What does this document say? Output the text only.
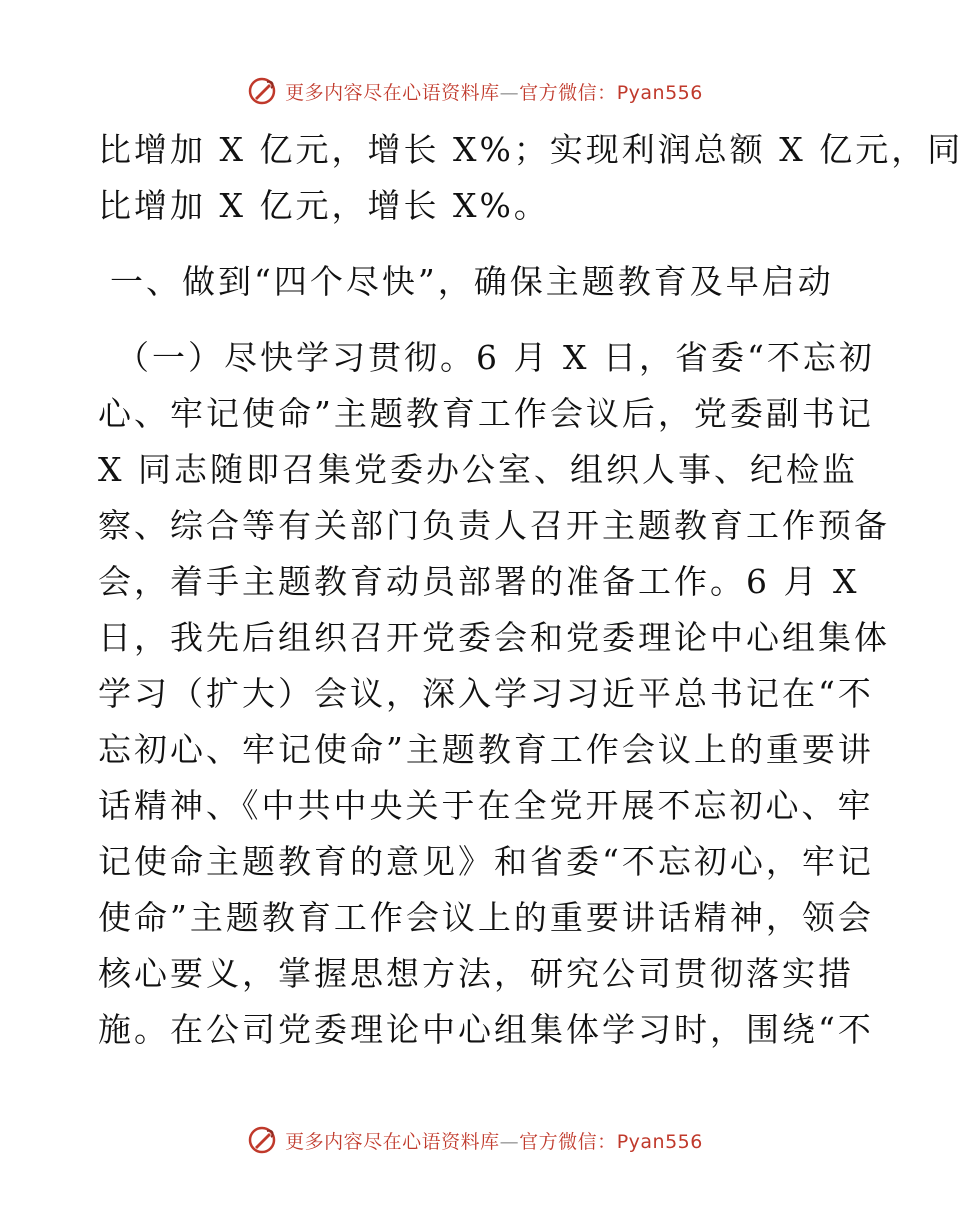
更多内容尽在心语资料库—官方微信：Pyan556
比增加 X 亿元，增长 X%；实现利润总额 X 亿元，同
比增加 X 亿元，增长 X%。
一、做到“四个尽快”，确保主题教育及早启动
（一）尽快学习贯彻。6 月 X 日，省委“不忘初
心、牢记使命”主题教育工作会议后，党委副书记
X 同志随即召集党委办公室、组织人事、纪检监
察、综合等有关部门负责人召开主题教育工作预备
会，着手主题教育动员部署的准备工作。6 月 X
日，我先后组织召开党委会和党委理论中心组集体
学习（扩大）会议，深入学习习近平总书记在“不
忘初心、牢记使命”主题教育工作会议上的重要讲
话精神、《中共中央关于在全党开展不忘初心、牢
记使命主题教育的意见》和省委“不忘初心，牢记
使命”主题教育工作会议上的重要讲话精神，领会
核心要义，掌握思想方法，研究公司贯彻落实措
施。在公司党委理论中心组集体学习时，围绕“不
更多内容尽在心语资料库—官方微信：Pyan556
